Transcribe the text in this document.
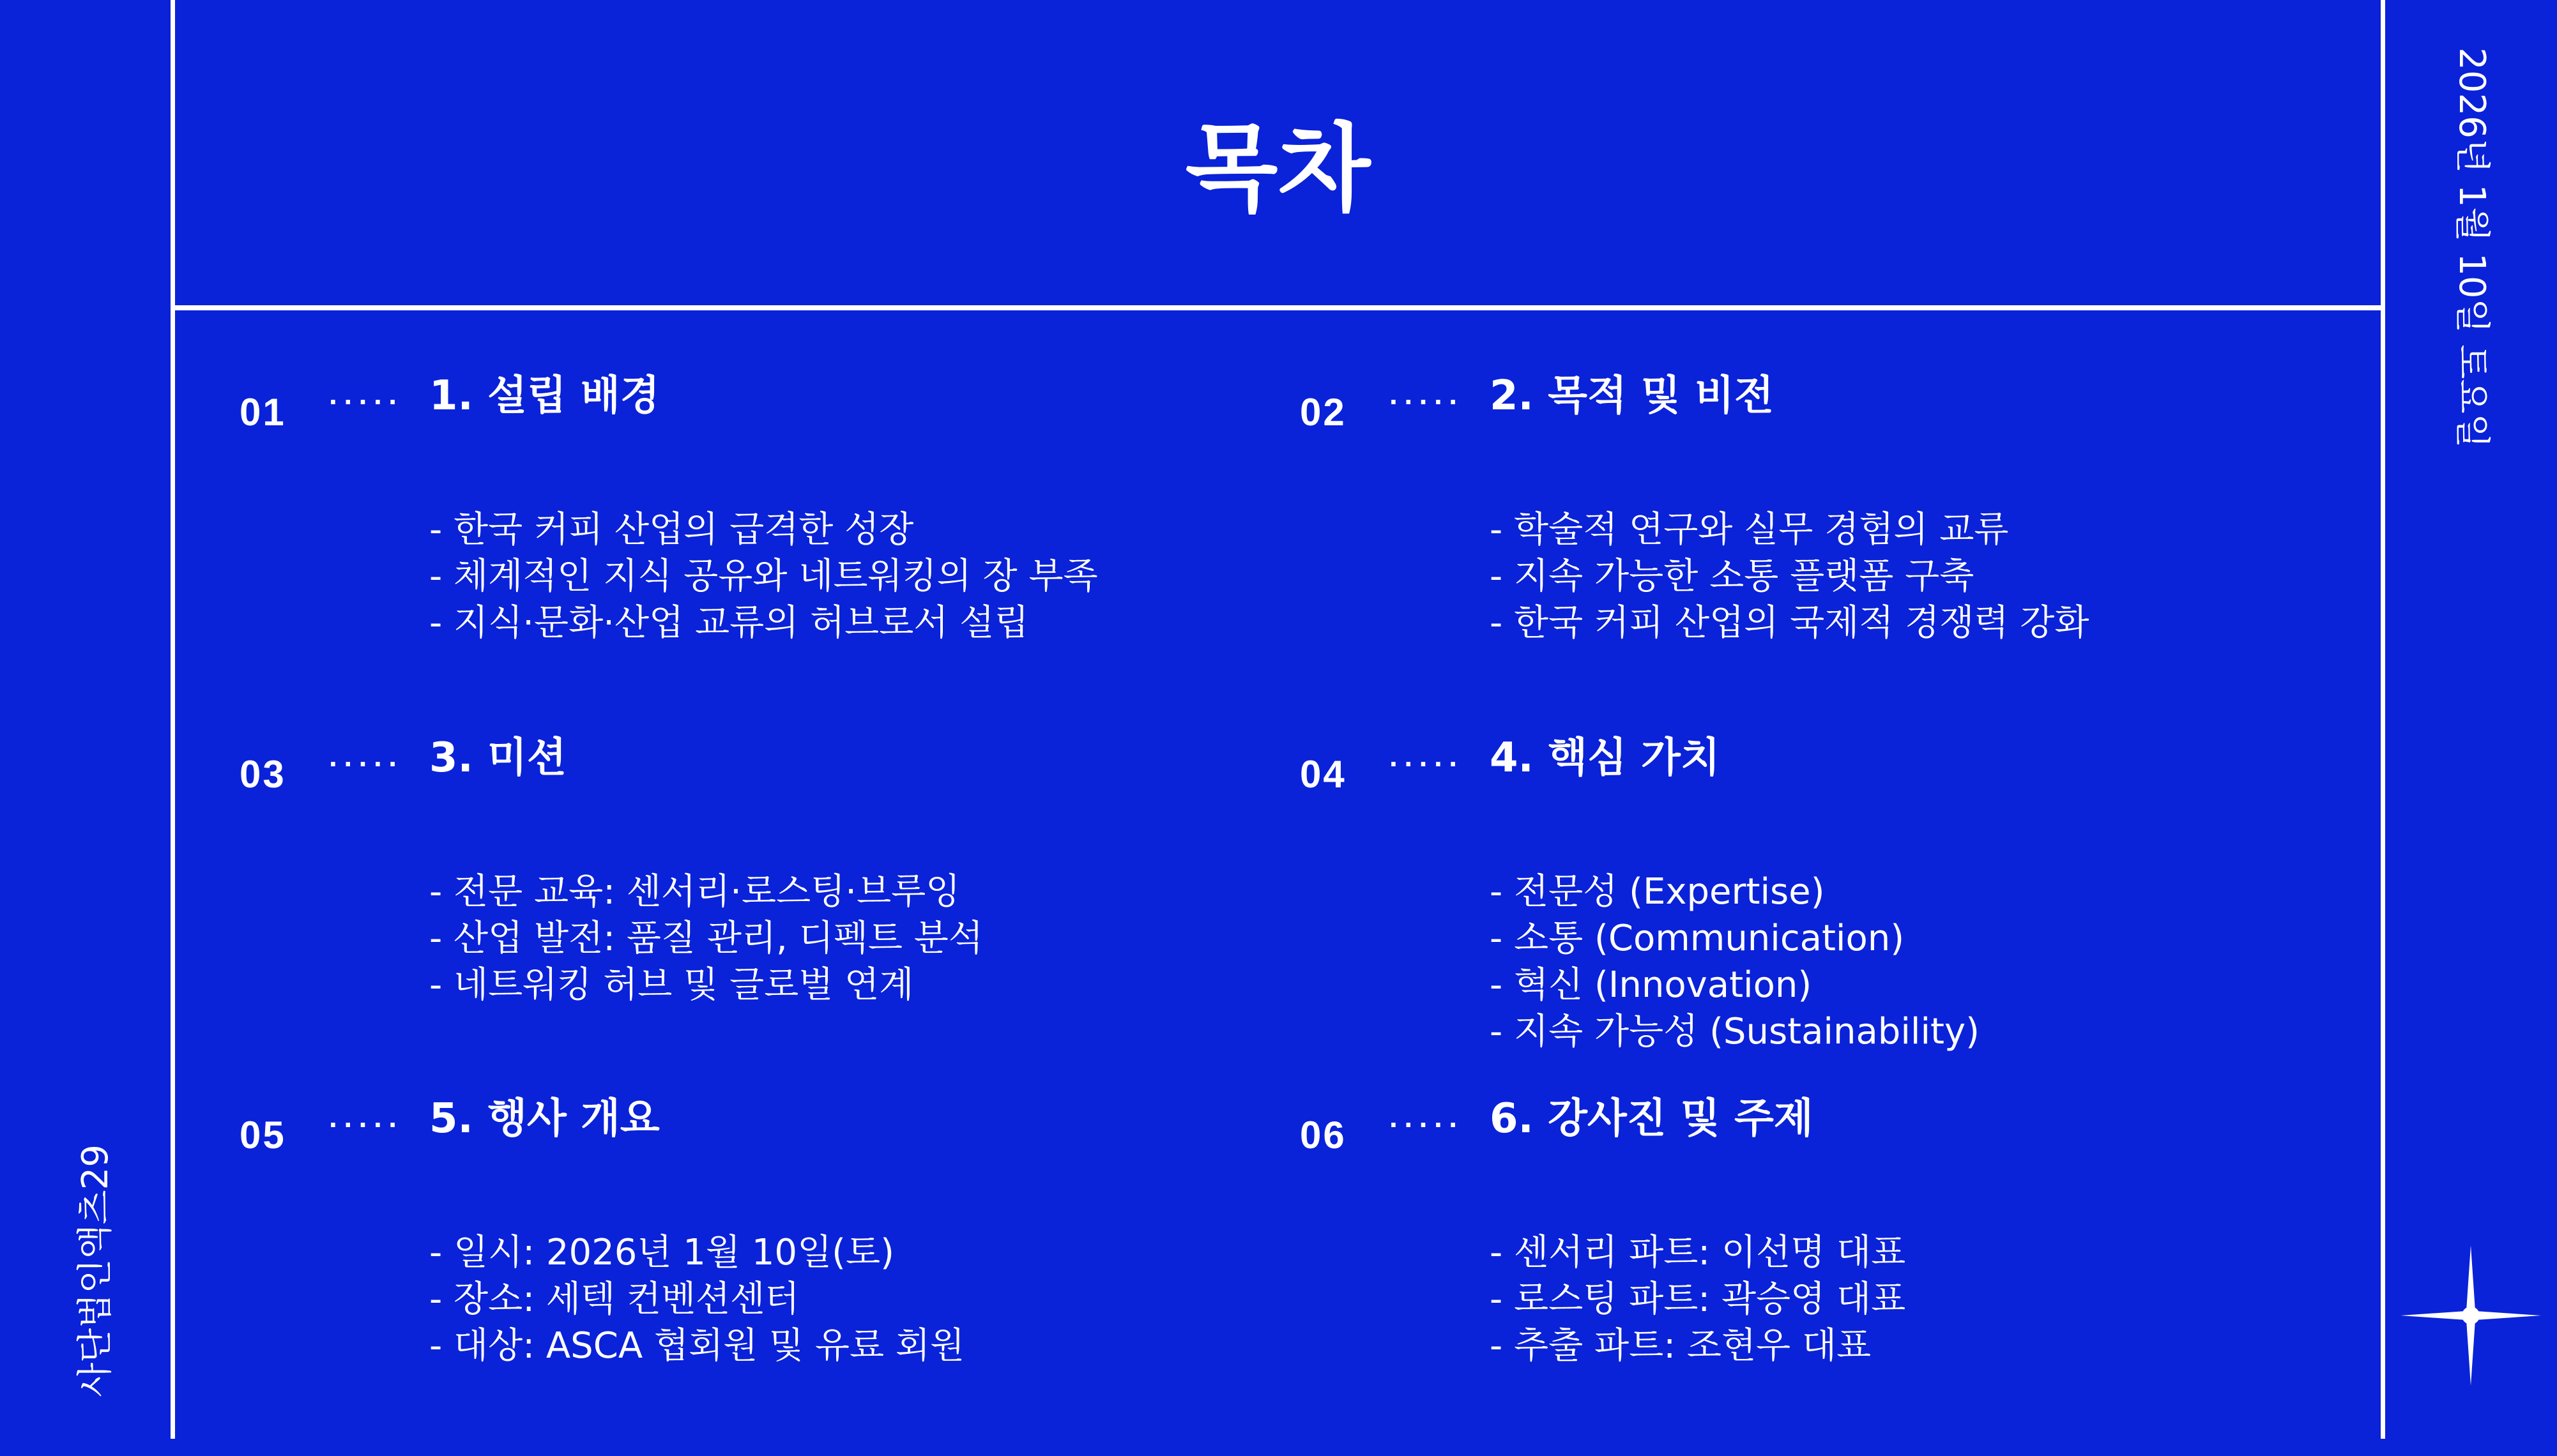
목차
사단법인액츠29
2026년 1월 10일 토요일
01 ····· 1. 설립 배경
- 한국 커피 산업의 급격한 성장
- 체계적인 지식 공유와 네트워킹의 장 부족
- 지식·문화·산업 교류의 허브로서 설립
02 ····· 2. 목적 및 비전
- 학술적 연구와 실무 경험의 교류
- 지속 가능한 소통 플랫폼 구축
- 한국 커피 산업의 국제적 경쟁력 강화
03 ····· 3. 미션
- 전문 교육: 센서리·로스팅·브루잉
- 산업 발전: 품질 관리, 디펙트 분석
- 네트워킹 허브 및 글로벌 연계
04 ····· 4. 핵심 가치
- 전문성 (Expertise)
- 소통 (Communication)
- 혁신 (Innovation)
- 지속 가능성 (Sustainability)
05 ····· 5. 행사 개요
- 일시: 2026년 1월 10일(토)
- 장소: 세텍 컨벤션센터
- 대상: ASCA 협회원 및 유료 회원
06 ····· 6. 강사진 및 주제
- 센서리 파트: 이선명 대표
- 로스팅 파트: 곽승영 대표
- 추출 파트: 조현우 대표
